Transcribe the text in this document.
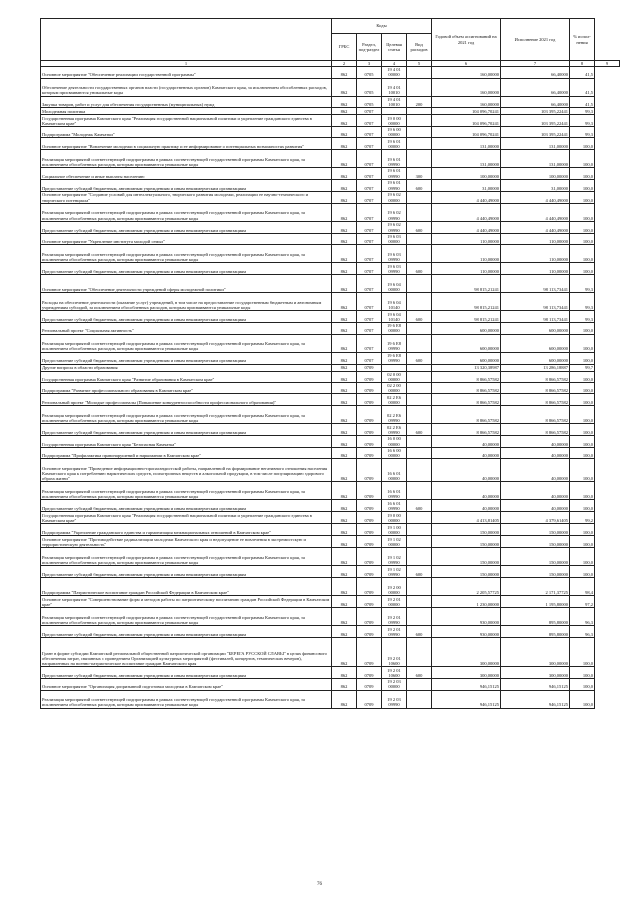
	Коды				Годовой объем ассигнований на 2021 год	Исполнение 2021 год	% испол-нения	
	ГРБС	Раздел, под-раздел	Целевая статья	Вид расходов				
1	2	3	4	5	6	7	8	9
Основное мероприятие "Обеспечение реализации государственной программы"	862	0705	19 4 01 00000		160,00000	66,40000	41,5	
Обеспечение деятельности государственных органов власти (государственных органов) Камчатского края, за исключением обособленных расходов, которым присваиваются уникальные коды	862	0705	19 4 01 10010		160,00000	66,40000	41,5	
Закупка товаров, работ и услуг для обеспечения государственных (муниципальных) нужд	862	0705	19 4 01 10010	200	160,00000	66,40000	41,5	
Молодежная политика	862	0707			104 096,70241	103 395,22441	99,3	
Государственная программа Камчатского края "Реализация государственной национальной политики и укрепление гражданского единства в Камчатском крае"	862	0707	19 0 00 00000		104 096,70241	103 395,22441	99,3	
Подпрограмма "Молодежь Камчатки"	862	0707	19 6 00 00000		104 096,70241	103 395,22441	99,3	
Основное мероприятие "Вовлечение молодежи в социальную практику и ее информирование о потенциальных возможностях развития"	862	0707	19 6 01 00000		131,00000	131,00000	100,0	
Реализация мероприятий соответствующей подпрограммы в рамках соответствующей государственной программы Камчатского края, за исключением обособленных расходов, которым присваиваются уникальные коды	862	0707	19 6 01 09990		131,00000	131,00000	100,0	
Социальное обеспечение и иные выплаты населению	862	0707	19 6 01 09990	300	100,00000	100,00000	100,0	
Предоставление субсидий бюджетным, автономным учреждениям и иным некоммерческим организациям	862	0707	19 6 01 09990	600	31,00000	31,00000	100,0	
Основное мероприятие "Создание условий для интеллектуального, творческого развития молодежи, реализации ее научно-технического и творческого потенциала"	862	0707	19 6 02 00000		4 440,49000	4 440,49000	100,0	
Реализация мероприятий соответствующей подпрограммы в рамках соответствующей государственной программы Камчатского края, за исключением обособленных расходов, которым присваиваются уникальные коды	862	0707	19 6 02 09990		4 440,49000	4 440,49000	100,0	
Предоставление субсидий бюджетным, автономным учреждениям и иным некоммерческим организациям	862	0707	19 6 02 09990	600	4 440,49000	4 440,49000	100,0	
Основное мероприятие "Укрепление института молодой семьи"	862	0707	19 6 03 00000		110,00000	110,00000	100,0	
Реализация мероприятий соответствующей подпрограммы в рамках соответствующей государственной программы Камчатского края, за исключением обособленных расходов, которым присваиваются уникальные коды	862	0707	19 6 03 09990		110,00000	110,00000	100,0	
Предоставление субсидий бюджетным, автономным учреждениям и иным некоммерческим организациям	862	0707	19 6 03 09990	600	110,00000	110,00000	100,0	
Основное мероприятие "Обеспечение деятельности учреждений сферы молодежной политики"	862	0707	19 6 04 00000		98 815,21241	98 113,73441	99,3	
Расходы на обеспечение деятельности (оказание услуг) учреждений, в том числе на предоставление государственным бюджетным и автономным учреждениям субсидий, за исключением обособленных расходов, которым присваиваются уникальные коды	862	0707	19 6 04 10140		98 815,21241	98 113,73441	99,3	
Предоставление субсидий бюджетным, автономным учреждениям и иным некоммерческим организациям	862	0707	19 6 04 10140	600	98 815,21241	98 113,73441	99,3	
Региональный проект "Социальная активность"	862	0707	19 6 Е8 00000		600,00000	600,00000	100,0	
Реализация мероприятий соответствующей подпрограммы в рамках соответствующей государственной программы Камчатского края, за исключением обособленных расходов, которым присваиваются уникальные коды	862	0707	19 6 Е8 09990		600,00000	600,00000	100,0	
Предоставление субсидий бюджетным, автономным учреждениям и иным некоммерческим организациям	862	0707	19 6 Е8 09990	600	600,00000	600,00000	100,0	
Другие вопросы в области образования	862	0709			13 320,38987	13 286,18887	99,7	
Государственная программа Камчатского края "Развитие образования в Камчатском крае"	862	0709	02 0 00 00000		8 866,57582	8 866,57582	100,0	
Подпрограмма "Развитие профессионального образования в Камчатском крае"	862	0709	02 2 00 00000		8 866,57582	8 866,57582	100,0	
Региональный проект "Молодые профессионалы (Повышение конкурентоспособности профессионального образования)"	862	0709	02 2 Е6 00000		8 866,57582	8 866,57582	100,0	
Реализация мероприятий соответствующей подпрограммы в рамках соответствующей государственной программы Камчатского края, за исключением обособленных расходов, которым присваиваются уникальные коды	862	0709	02 2 Е6 09990		8 866,57582	8 866,57582	100,0	
Предоставление субсидий бюджетным, автономным учреждениям и иным некоммерческим организациям	862	0709	02 2 Е6 09990	600	8 866,57582	8 866,57582	100,0	
Государственная программа Камчатского края "Безопасная Камчатка"	862	0709	16 0 00 00000		40,00000	40,00000	100,0	
Подпрограмма "Профилактика правонарушений и наркомании в Камчатском крае"	862	0709	16 6 00 00000		40,00000	40,00000	100,0	
Основное мероприятие "Проведение информационно-пропагандистской работы, направленной на формирование негативного отношения населения Камчатского края к потреблению наркотических средств, психотропных веществ и алкогольной продукции, в том числе популяризацию здорового образа жизни"	862	0709	16 6 01 00000		40,00000	40,00000	100,0	
Реализация мероприятий соответствующей подпрограммы в рамках соответствующей государственной программы Камчатского края, за исключением обособленных расходов, которым присваиваются уникальные коды	862	0709	16 6 01 09990		40,00000	40,00000	100,0	
Предоставление субсидий бюджетным, автономным учреждениям и иным некоммерческим организациям	862	0709	16 6 01 09990	600	40,00000	40,00000	100,0	
Государственная программа Камчатского края "Реализация государственной национальной политики и укрепление гражданского единства в Камчатском крае"	862	0709	19 0 00 00000		4 413,81405	4 379,61405	99,2	
Подпрограмма "Укрепление гражданского единства и гармонизация межнациональных отношений в Камчатском крае"	862	0709	19 1 00 00000		150,00000	150,00000	100,0	
Основное мероприятие "Противодействие радикализации молодежи Камчатского края и недопущение ее вовлечения в экстремистскую и террористическую деятельность"	862	0709	19 1 02 00000		150,00000	150,00000	100,0	
Реализация мероприятий соответствующей подпрограммы в рамках соответствующей государственной программы Камчатского края, за исключением обособленных расходов, которым присваиваются уникальные коды	862	0709	19 1 02 09990		150,00000	150,00000	100,0	
Предоставление субсидий бюджетным, автономным учреждениям и иным некоммерческим организациям	862	0709	19 1 02 09990	600	150,00000	150,00000	100,0	
Подпрограмма "Патриотическое воспитание граждан Российской Федерации в Камчатском крае"	862	0709	19 2 00 00000		2 205,57725	2 171,37725	98,4	
Основное мероприятие "Совершенствование форм и методов работы по патриотическому воспитанию граждан Российской Федерации в Камчатском крае"	862	0709	19 2 01 00000		1 230,00000	1 195,80000	97,2	
Реализация мероприятий соответствующей подпрограммы в рамках соответствующей государственной программы Камчатского края, за исключением обособленных расходов, которым присваиваются уникальные коды	862	0709	19 2 01 09990		930,00000	895,80000	96,3	
Предоставление субсидий бюджетным, автономным учреждениям и иным некоммерческим организациям	862	0709	19 2 01 09990	600	930,00000	895,80000	96,3	
Грант в форме субсидии Камчатской региональной общественной патриотической организации "БЕРЕГА РУССКОЙ СЛАВЫ" в целях финансового обеспечения затрат, связанных с проведением Организацией культурных мероприятий (фестивалей, концертов, тематических вечеров), направленных на военно-патриотическое воспитание граждан Камчатского края	862	0709	19 2 01 10600		300,00000	300,00000	100,0	
Предоставление субсидий бюджетным, автономным учреждениям и иным некоммерческим организациям	862	0709	19 2 01 10600	600	300,00000	300,00000	100,0	
Основное мероприятие "Организация допризывной подготовки молодежи в Камчатском крае"	862	0709	19 2 03 00000		946,15125	946,15125	100,0	
Реализация мероприятий соответствующей подпрограммы в рамках соответствующей государственной программы Камчатского края, за исключением обособленных расходов, которым присваиваются уникальные коды	862	0709	19 2 03 09990		946,15125	946,15125	100,0	
76
